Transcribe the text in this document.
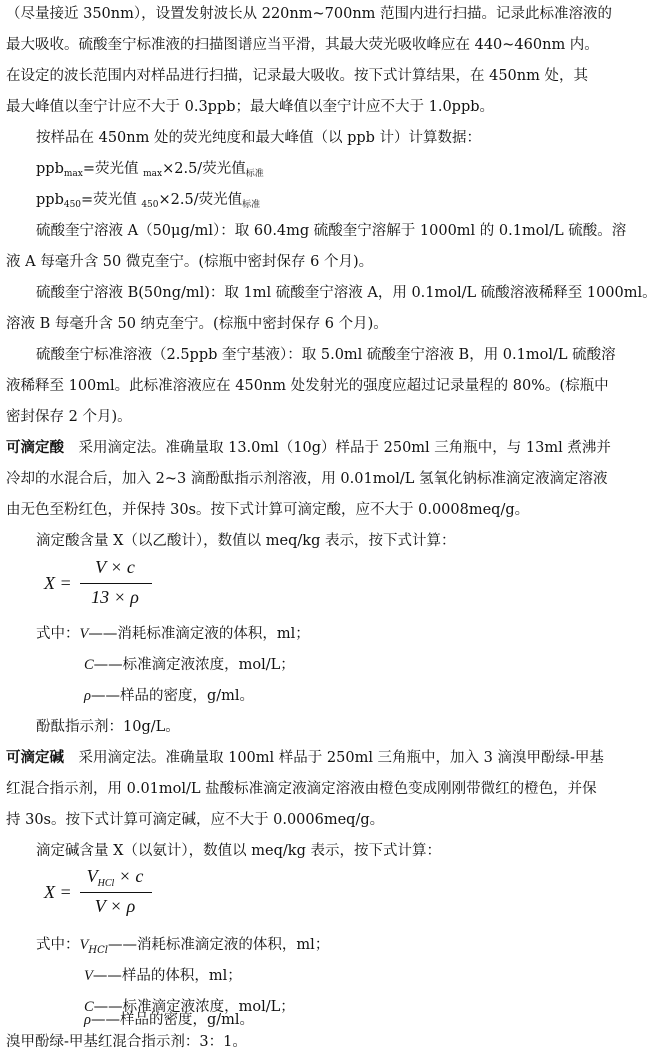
（尽量接近 350nm），设置发射波长从 220nm~700nm 范围内进行扫描。记录此标准溶液的
最大吸收。硫酸奎宁标准液的扫描图谱应当平滑，其最大荧光吸收峰应在 440~460nm 内。
在设定的波长范围内对样品进行扫描，记录最大吸收。按下式计算结果，在 450nm 处，其
最大峰值以奎宁计应不大于 0.3ppb；最大峰值以奎宁计应不大于 1.0ppb。
按样品在 450nm 处的荧光纯度和最大峰值（以 ppb 计）计算数据：
ppb$_{max}$=荧光值 $_{max}$×2.5/荧光值$_{标准}$
ppb$_{450}$=荧光值 $_{450}$×2.5/荧光值$_{标准}$
硫酸奎宁溶液 A（50μg/ml）：取 60.4mg 硫酸奎宁溶解于 1000ml 的 0.1mol/L 硫酸。溶
液 A 每毫升含 50 微克奎宁。(棕瓶中密封保存 6 个月)。
硫酸奎宁溶液 B(50ng/ml)：取 1ml 硫酸奎宁溶液 A，用 0.1mol/L 硫酸溶液稀释至 1000ml。
溶液 B 每毫升含 50 纳克奎宁。(棕瓶中密封保存 6 个月)。
硫酸奎宁标准溶液（2.5ppb 奎宁基液）：取 5.0ml 硫酸奎宁溶液 B，用 0.1mol/L 硫酸溶
液稀释至 100ml。此标准溶液应在 450nm 处发射光的强度应超过记录量程的 80%。(棕瓶中
密封保存 2 个月)。
可滴定酸　采用滴定法。准确量取 13.0ml（10g）样品于 250ml 三角瓶中，与 13ml 煮沸并
冷却的水混合后，加入 2~3 滴酚酞指示剂溶液，用 0.01mol/L 氢氧化钠标准滴定液滴定溶液
由无色至粉红色，并保持 30s。按下式计算可滴定酸，应不大于 0.0008meq/g。
滴定酸含量 X（以乙酸计），数值以 meq/kg 表示，按下式计算：
X =
V × c
13 × ρ
式中：V——消耗标准滴定液的体积，ml；
C——标准滴定液浓度，mol/L；
ρ——样品的密度，g/ml。
酚酞指示剂：10g/L。
可滴定碱　采用滴定法。准确量取 100ml 样品于 250ml 三角瓶中，加入 3 滴溴甲酚绿-甲基
红混合指示剂，用 0.01mol/L 盐酸标准滴定液滴定溶液由橙色变成刚刚带微红的橙色，并保
持 30s。按下式计算可滴定碱，应不大于 0.0006meq/g。
滴定碱含量 X（以氨计），数值以 meq/kg 表示，按下式计算：
X =
$V_{HCl} \times c$
V × ρ
式中：$V_{HCl}——$消耗标准滴定液的体积，ml；
V——样品的体积，ml；
C——标准滴定液浓度，mol/L；
ρ——样品的密度，g/ml。
溴甲酚绿-甲基红混合指示剂：3：1。
